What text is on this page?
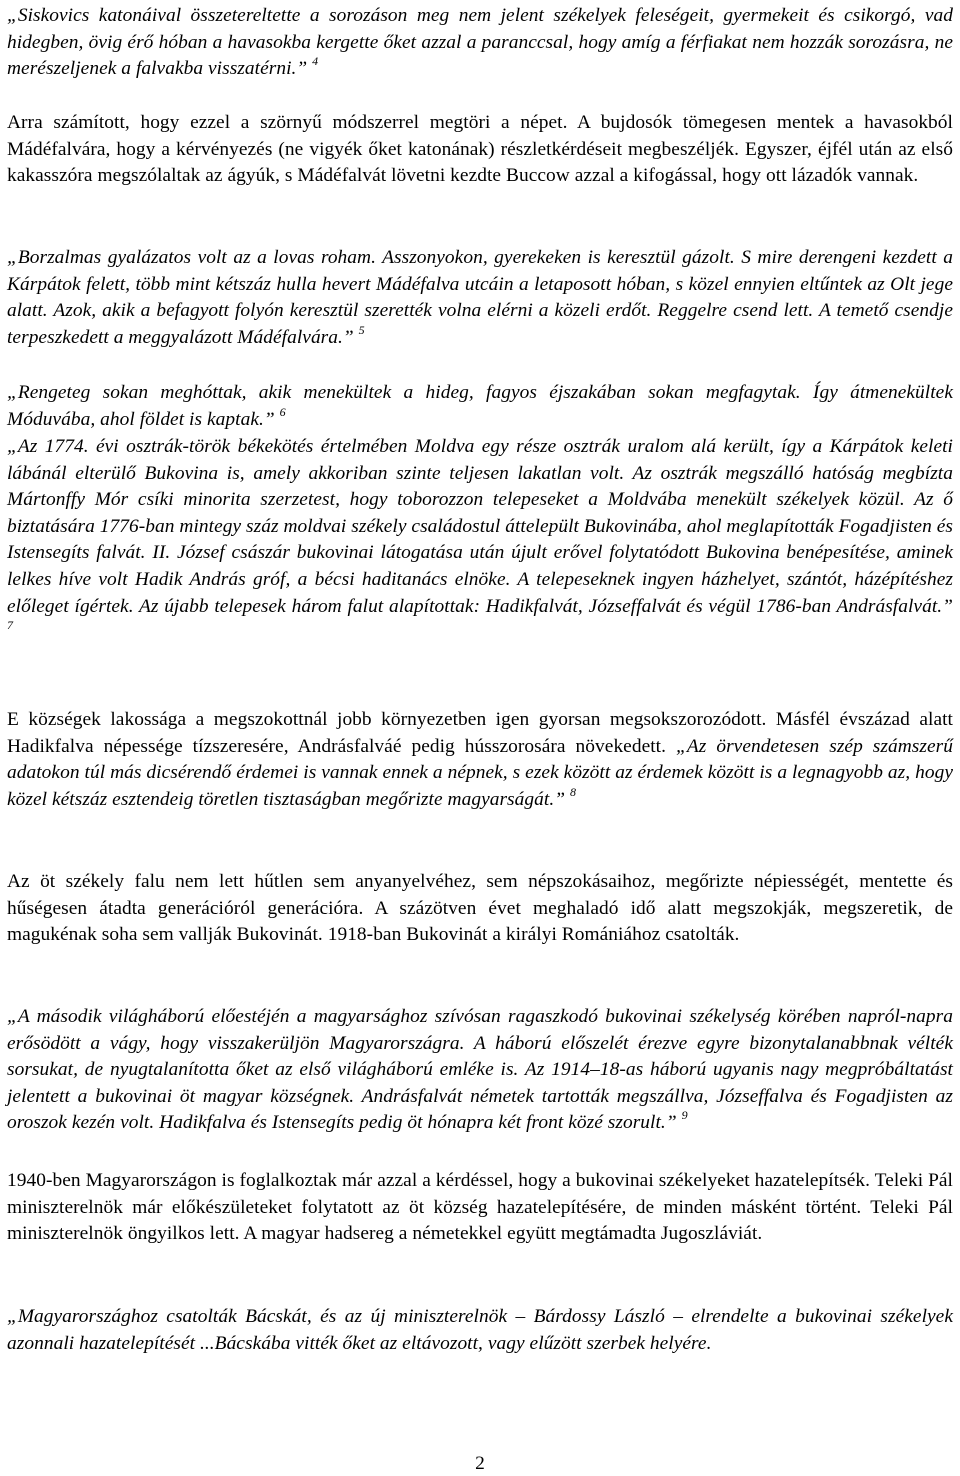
„Siskovics katonáival összetereltette a sorozáson meg nem jelent székelyek feleségeit, gyermekeit és csikorgó, vad hidegben, övig érő hóban a havasokba kergette őket azzal a paranccsal, hogy amíg a férfiakat nem hozzák sorozásra, ne merészeljenek a falvakba visszatérni.” $^4$

Arra számított, hogy ezzel a szörnyű módszerrel megtöri a népet. A bujdosók tömegesen mentek a havasokból Mádéfalvára, hogy a kérvényezés (ne vigyék őket katonának) részletkérdéseit megbeszéljék. Egyszer, éjfél után az első kakasszóra megszólaltak az ágyúk, s Mádéfalvát lövetni kezdte Buccow azzal a kifogással, hogy ott lázadók vannak.

„Borzalmas gyalázatos volt az a lovas roham. Asszonyokon, gyerekeken is keresztül gázolt. S mire derengeni kezdett a Kárpátok felett, több mint kétszáz hulla hevert Mádéfalva utcáin a letaposott hóban, s közel ennyien eltűntek az Olt jege alatt. Azok, akik a befagyott folyón keresztül szerették volna elérni a közeli erdőt. Reggelre csend lett. A temető csendje terpeszkedett a meggyalázott Mádéfalvára.” $^5$

„Rengeteg sokan meghóttak, akik menekültek a hideg, fagyos éjszakában sokan megfagytak. Így átmenekültek Móduvába, ahol földet is kaptak.” $^6$

„Az 1774. évi osztrák-török békekötés értelmében Moldva egy része osztrák uralom alá került, így a Kárpátok keleti lábánál elterülő Bukovina is, amely akkoriban szinte teljesen lakatlan volt. Az osztrák megszálló hatóság megbízta Mártonffy Mór csíki minorita szerzetest, hogy toborozzon telepeseket a Moldvába menekült székelyek közül. Az ő biztatására 1776-ban mintegy száz moldvai székely családostul áttelepült Bukovinába, ahol meglapították Fogadjisten és Istensegíts falvát. II. József császár bukovinai látogatása után újult erővel folytatódott Bukovina benépesítése, aminek lelkes híve volt Hadik András gróf, a bécsi haditanács elnöke. A telepeseknek ingyen házhelyet, szántót, házépítéshez előleget ígértek. Az újabb telepesek három falut alapítottak: Hadikfalvát, Józseffalvát és végül 1786-ban Andrásfalvát.” $^7$

E községek lakossága a megszokottnál jobb környezetben igen gyorsan megsokszorozódott. Másfél évszázad alatt Hadikfalva népessége tízszeresére, Andrásfalváé pedig hússzorosára növekedett. „Az örvendetesen szép számszerű adatokon túl más dicsérendő érdemei is vannak ennek a népnek, s ezek között az érdemek között is a legnagyobb az, hogy közel kétszáz esztendeig töretlen tisztaságban megőrizte magyarságát.” $^8$

Az öt székely falu nem lett hűtlen sem anyanyelvéhez, sem népszokásaihoz, megőrizte népiességét, mentette és hűségesen átadta generációról generációra. A százötven évet meghaladó idő alatt megszokják, megszeretik, de magukénak soha sem vallják Bukovinát. 1918-ban Bukovinát a királyi Romániához csatolták.

„A második világháború előestéjén a magyarsághoz szívósan ragaszkodó bukovinai székelység körében napról-napra erősödött a vágy, hogy visszakerüljön Magyarországra. A háború előszelét érezve egyre bizonytalanabbnak vélték sorsukat, de nyugtalanította őket az első világháború emléke is. Az 1914–18-as háború ugyanis nagy megpróbáltatást jelentett a bukovinai öt magyar községnek. Andrásfalvát németek tartották megszállva, Józseffalva és Fogadjisten az oroszok kezén volt. Hadikfalva és Istensegíts pedig öt hónapra két front közé szorult.” $^9$

1940-ben Magyarországon is foglalkoztak már azzal a kérdéssel, hogy a bukovinai székelyeket hazatelepítsék. Teleki Pál miniszterelnök már előkészületeket folytatott az öt község hazatelepítésére, de minden másként történt. Teleki Pál miniszterelnök öngyilkos lett. A magyar hadsereg a németekkel együtt megtámadta Jugoszláviát.

„Magyarországhoz csatolták Bácskát, és az új miniszterelnök – Bárdossy László – elrendelte a bukovinai székelyek azonnali hazatelepítését ...Bácskába vitték őket az eltávozott, vagy elűzött szerbek helyére.

2
